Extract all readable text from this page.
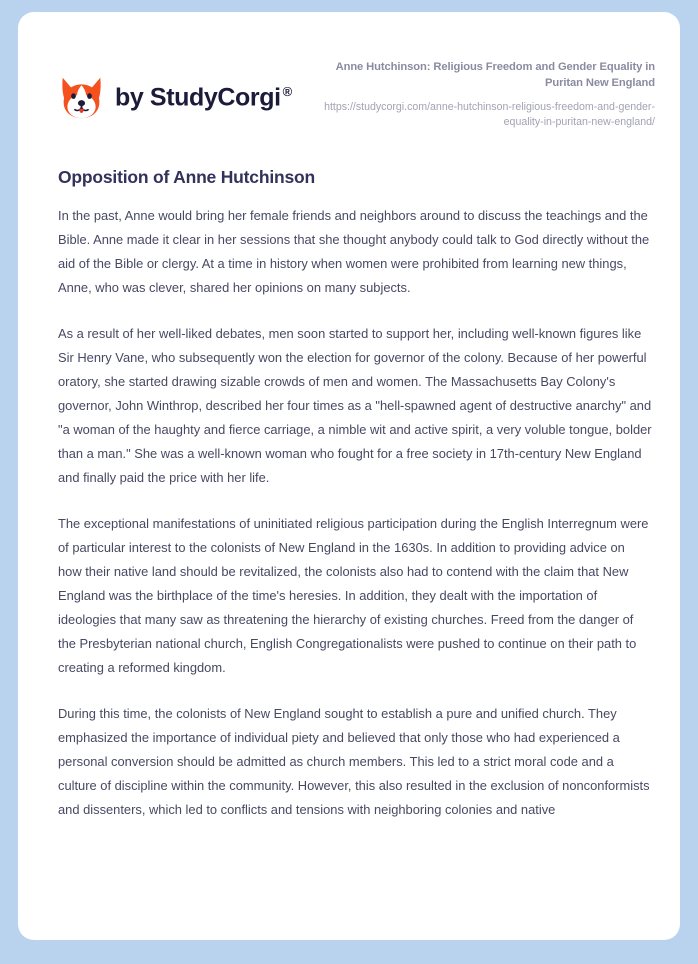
by StudyCorgi ®

Anne Hutchinson: Religious Freedom and Gender Equality in Puritan New England

https://studycorgi.com/anne-hutchinson-religious-freedom-and-gender-equality-in-puritan-new-england/

Opposition of Anne Hutchinson

In the past, Anne would bring her female friends and neighbors around to discuss the teachings and the Bible. Anne made it clear in her sessions that she thought anybody could talk to God directly without the aid of the Bible or clergy. At a time in history when women were prohibited from learning new things, Anne, who was clever, shared her opinions on many subjects.

As a result of her well-liked debates, men soon started to support her, including well-known figures like Sir Henry Vane, who subsequently won the election for governor of the colony. Because of her powerful oratory, she started drawing sizable crowds of men and women. The Massachusetts Bay Colony's governor, John Winthrop, described her four times as a "hell-spawned agent of destructive anarchy" and "a woman of the haughty and fierce carriage, a nimble wit and active spirit, a very voluble tongue, bolder than a man." She was a well-known woman who fought for a free society in 17th-century New England and finally paid the price with her life.

The exceptional manifestations of uninitiated religious participation during the English Interregnum were of particular interest to the colonists of New England in the 1630s. In addition to providing advice on how their native land should be revitalized, the colonists also had to contend with the claim that New England was the birthplace of the time's heresies. In addition, they dealt with the importation of ideologies that many saw as threatening the hierarchy of existing churches. Freed from the danger of the Presbyterian national church, English Congregationalists were pushed to continue on their path to creating a reformed kingdom.

During this time, the colonists of New England sought to establish a pure and unified church. They emphasized the importance of individual piety and believed that only those who had experienced a personal conversion should be admitted as church members. This led to a strict moral code and a culture of discipline within the community. However, this also resulted in the exclusion of nonconformists and dissenters, which led to conflicts and tensions with neighboring colonies and native
